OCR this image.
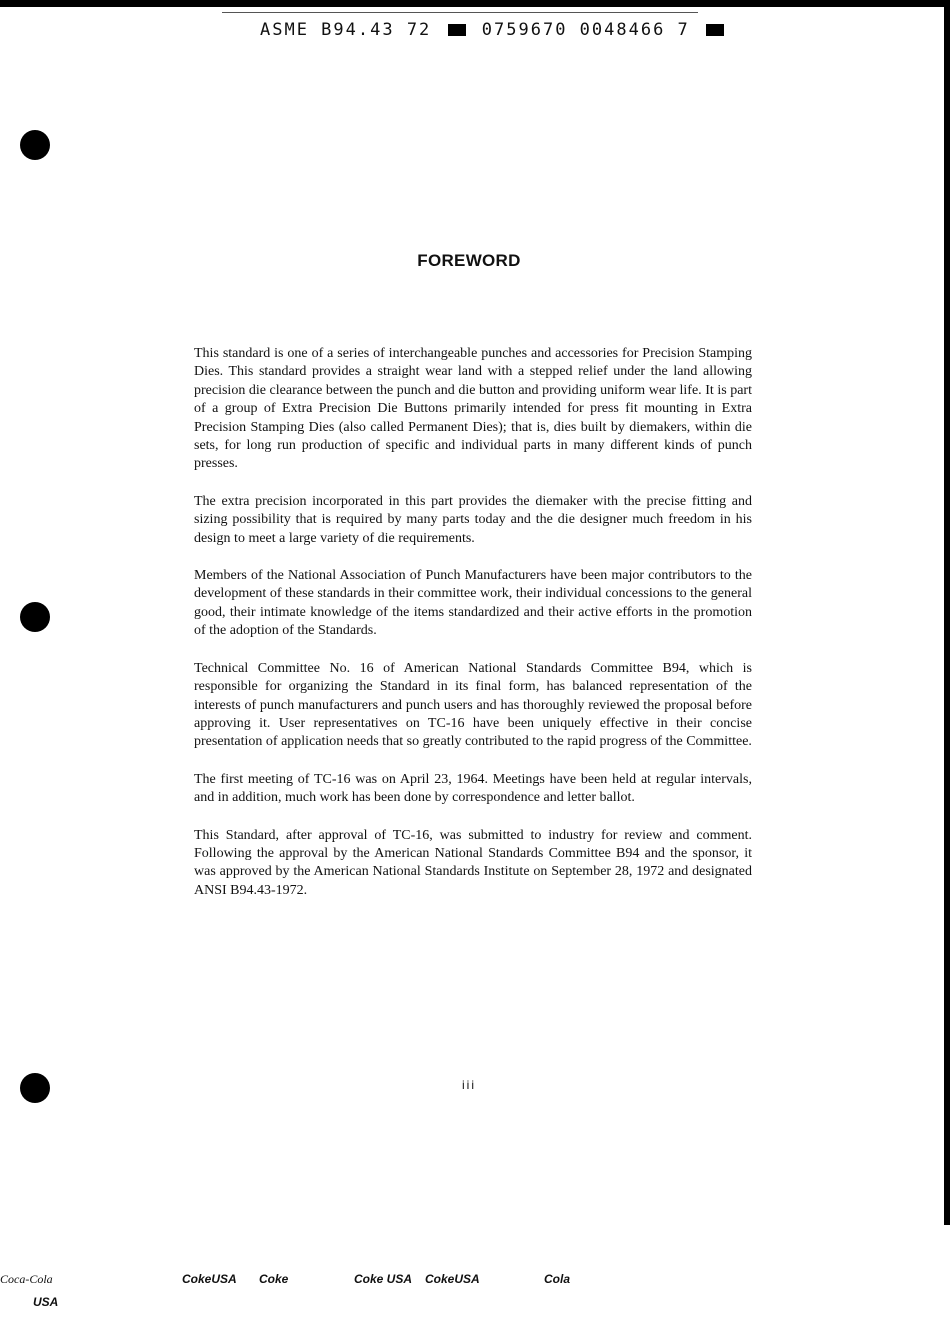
ASME B94.43 72	0759670 0048466 7
FOREWORD

This standard is one of a series of interchangeable punches and accessories for Precision Stamping Dies. This standard provides a straight wear land with a stepped relief under the land allowing precision die clearance between the punch and die button and providing uniform wear life. It is part of a group of Extra Precision Die Buttons primarily intended for press fit mounting in Extra Precision Stamping Dies (also called Permanent Dies); that is, dies built by diemakers, within die sets, for long run production of specific and individual parts in many different kinds of punch presses.

The extra precision incorporated in this part provides the diemaker with the precise fitting and sizing possibility that is required by many parts today and the die designer much freedom in his design to meet a large variety of die requirements.

Members of the National Association of Punch Manufacturers have been major contributors to the development of these standards in their committee work, their individual concessions to the general good, their intimate knowledge of the items standardized and their active efforts in the promotion of the adoption of the Standards.

Technical Committee No. 16 of American National Standards Committee B94, which is responsible for organizing the Standard in its final form, has balanced representation of the interests of punch manufacturers and punch users and has thoroughly reviewed the proposal before approving it. User representatives on TC-16 have been uniquely effective in their concise presentation of application needs that so greatly contributed to the rapid progress of the Committee.

The first meeting of TC-16 was on April 23, 1964. Meetings have been held at regular intervals, and in addition, much work has been done by correspondence and letter ballot.

This Standard, after approval of TC-16, was submitted to industry for review and comment. Following the approval by the American National Standards Committee B94 and the sponsor, it was approved by the American National Standards Institute on September 28, 1972 and designated ANSI B94.43-1972.

iii
Coca-Cola
USA
CokeUSA Coke	Coke USA CokeUSA	Cola
